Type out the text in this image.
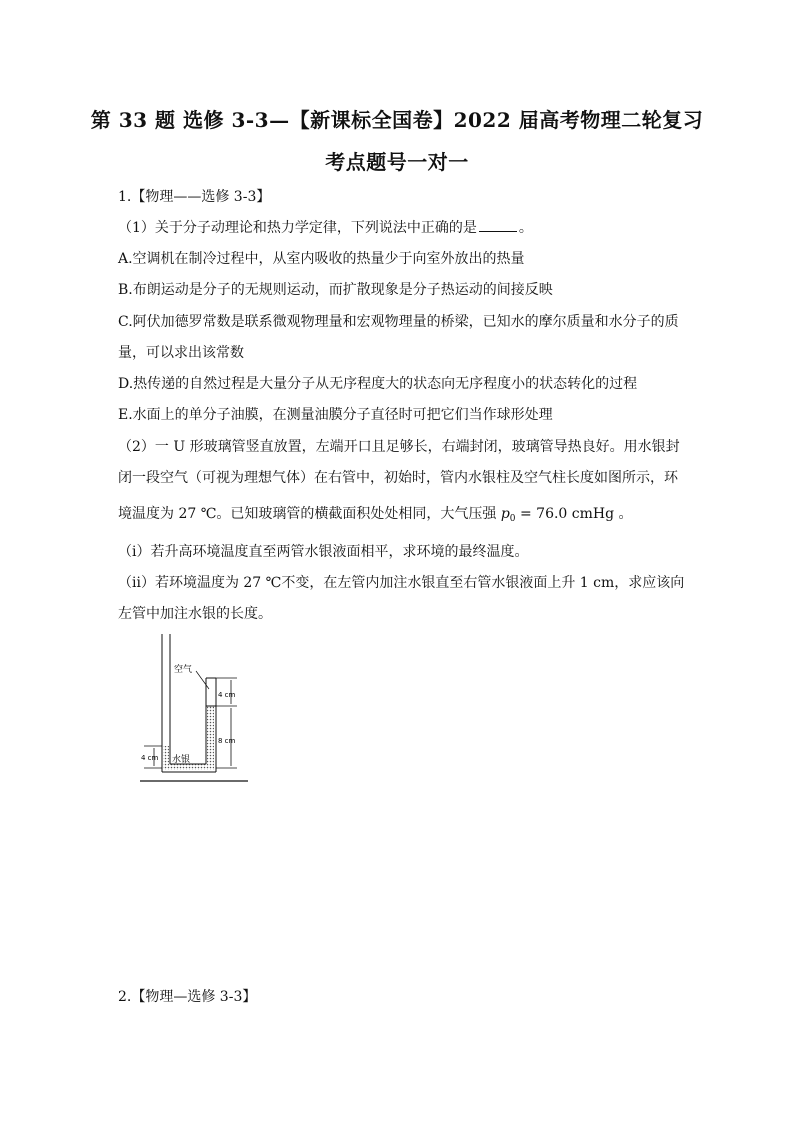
第 33 题 选修 3-3—【新课标全国卷】2022 届高考物理二轮复习
考点题号一对一
1.【物理——选修 3-3】
（1）关于分子动理论和热力学定律，下列说法中正确的是	。
A.空调机在制冷过程中，从室内吸收的热量少于向室外放出的热量
B.布朗运动是分子的无规则运动，而扩散现象是分子热运动的间接反映
C.阿伏加德罗常数是联系微观物理量和宏观物理量的桥梁，已知水的摩尔质量和水分子的质
量，可以求出该常数
D.热传递的自然过程是大量分子从无序程度大的状态向无序程度小的状态转化的过程
E.水面上的单分子油膜，在测量油膜分子直径时可把它们当作球形处理
（2）一 U 形玻璃管竖直放置，左端开口且足够长，右端封闭，玻璃管导热良好。用水银封
闭一段空气（可视为理想气体）在右管中，初始时，管内水银柱及空气柱长度如图所示，环
境温度为 27 ℃。已知玻璃管的横截面积处处相同，大气压强 $p_0 = 76.0$ cmHg 。
（ⅰ）若升高环境温度直至两管水银液面相平，求环境的最终温度。
（ⅱ）若环境温度为 27 ℃不变，在左管内加注水银直至右管水银液面上升 1 cm，求应该向
左管中加注水银的长度。
空气
水银
4 cm
8 cm
4 cm
2.【物理—选修 3-3】
